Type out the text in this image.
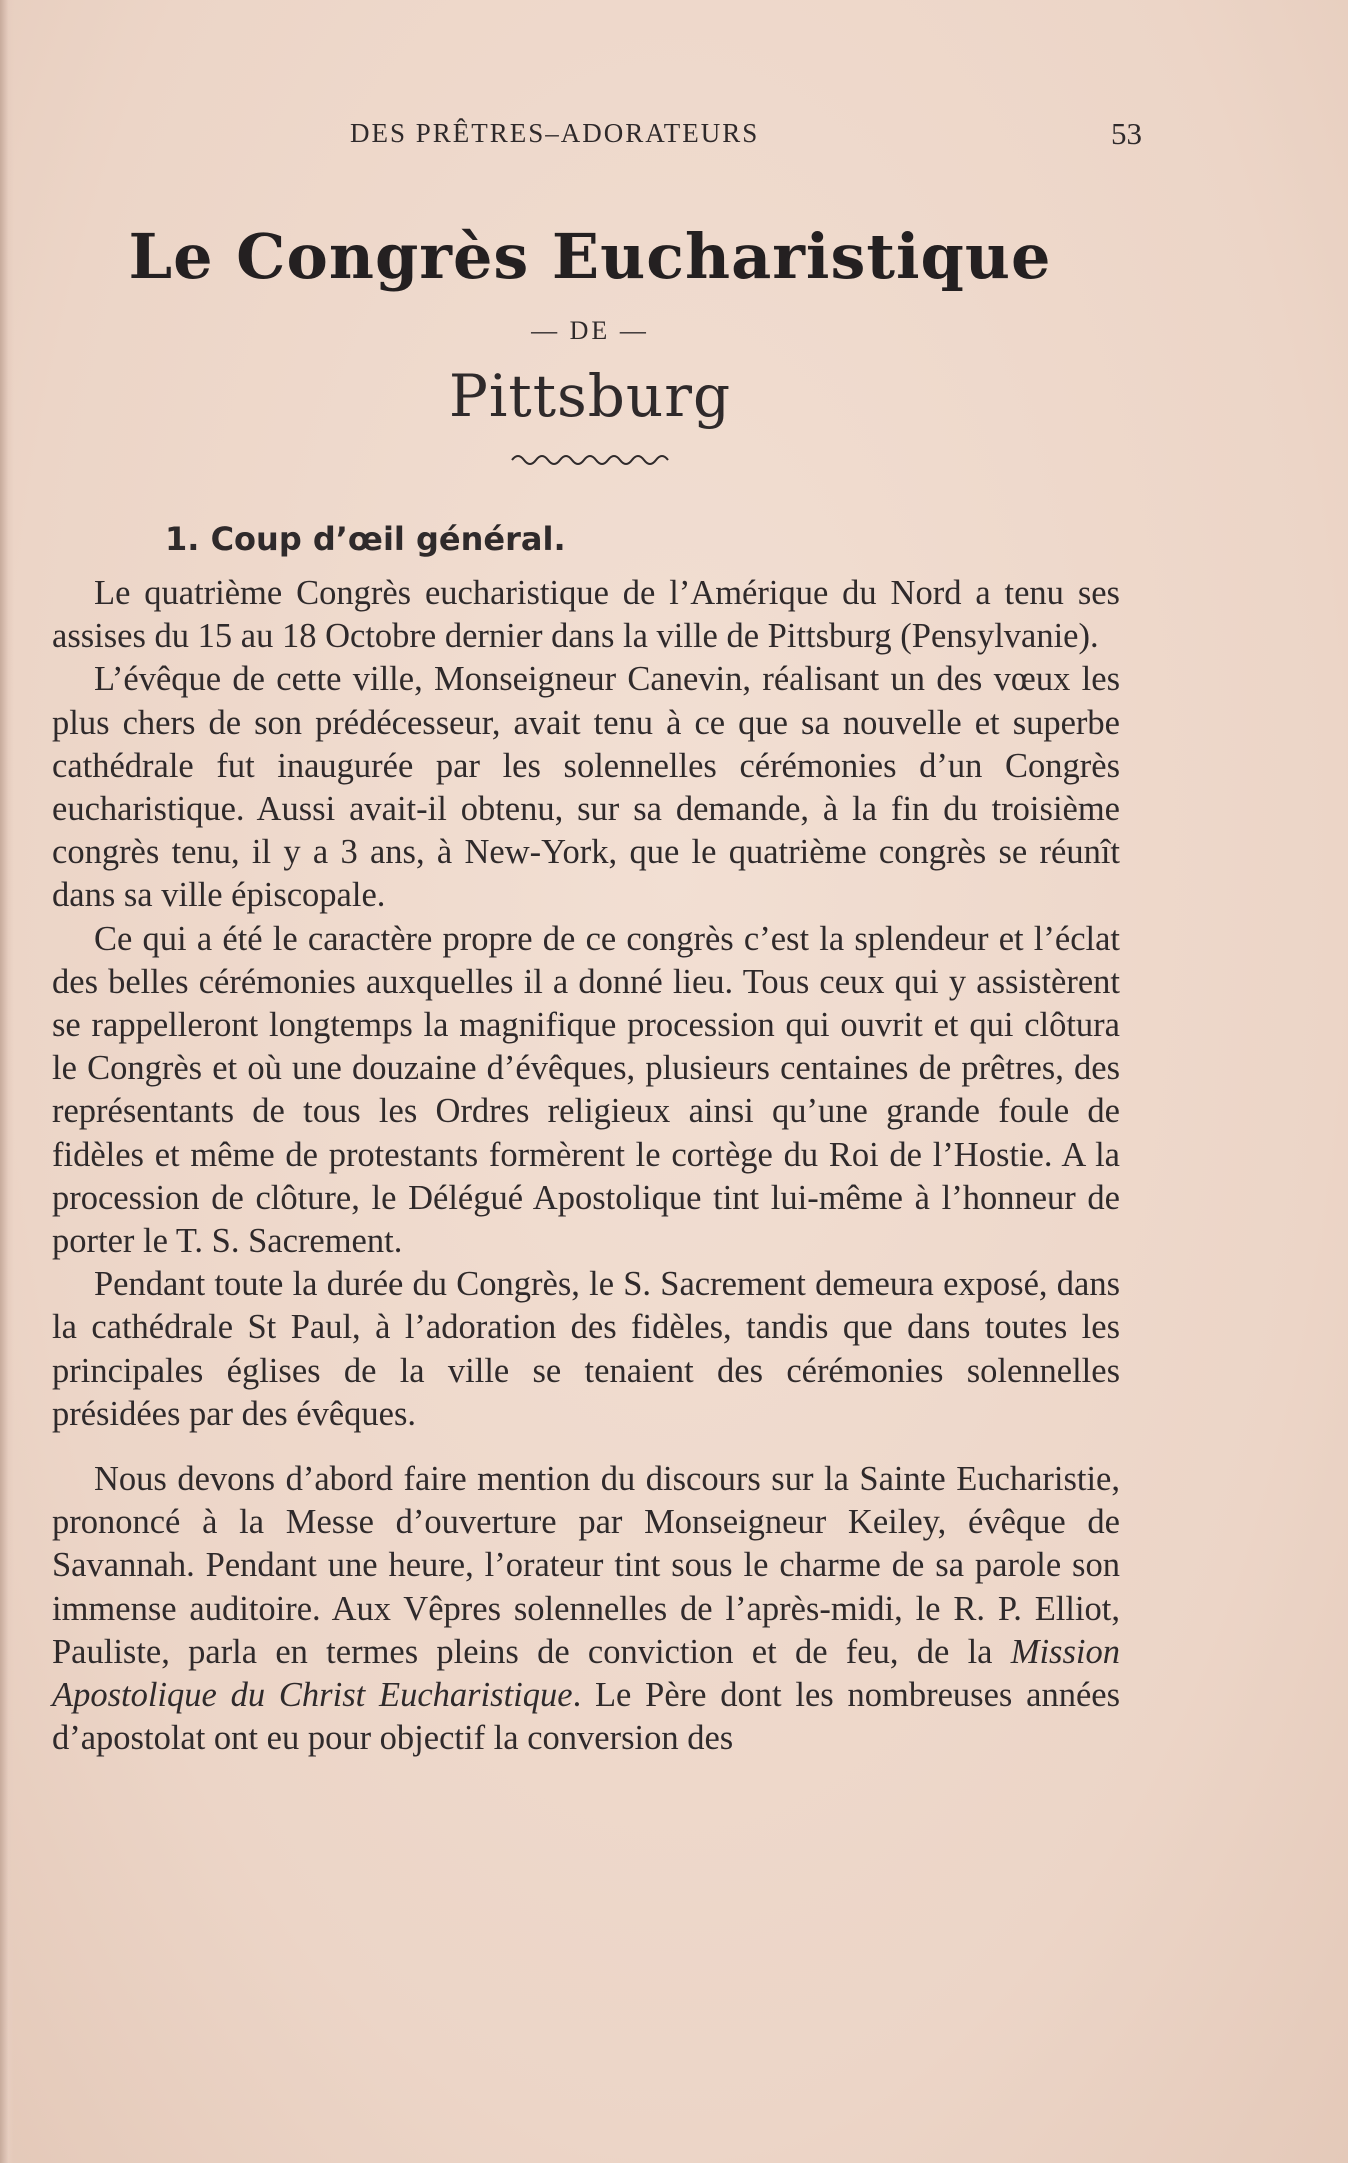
DES PRÊTRES–ADORATEURS	53
Le Congrès Eucharistique
— DE —
Pittsburg
1. Coup d’œil général.

Le quatrième Congrès eucharistique de l’Amérique du Nord a tenu ses assises du 15 au 18 Octobre dernier dans la ville de Pittsburg (Pensylvanie).

L’évêque de cette ville, Monseigneur Canevin, réalisant un des vœux les plus chers de son prédécesseur, avait tenu à ce que sa nouvelle et superbe cathédrale fut inaugurée par les solennelles cérémonies d’un Congrès eucharistique. Aussi avait-il obtenu, sur sa demande, à la fin du troisième congrès tenu, il y a 3 ans, à New-York, que le quatrième congrès se réunît dans sa ville épiscopale.

Ce qui a été le caractère propre de ce congrès c’est la splendeur et l’éclat des belles cérémonies auxquelles il a donné lieu. Tous ceux qui y assistèrent se rappelleront longtemps la magnifique procession qui ouvrit et qui clôtura le Congrès et où une douzaine d’évêques, plusieurs centaines de prêtres, des représentants de tous les Ordres religieux ainsi qu’une grande foule de fidèles et même de protestants formèrent le cortège du Roi de l’Hostie. A la procession de clôture, le Délégué Apostolique tint lui-même à l’honneur de porter le T. S. Sacrement.

Pendant toute la durée du Congrès, le S. Sacrement demeura exposé, dans la cathédrale St Paul, à l’adoration des fidèles, tandis que dans toutes les principales églises de la ville se tenaient des cérémonies solennelles présidées par des évêques.

Nous devons d’abord faire mention du discours sur la Sainte Eucharistie, prononcé à la Messe d’ouverture par Monseigneur Keiley, évêque de Savannah. Pendant une heure, l’orateur tint sous le charme de sa parole son immense auditoire. Aux Vêpres solennelles de l’après-midi, le R. P. Elliot, Pauliste, parla en termes pleins de conviction et de feu, de la Mission Apostolique du Christ Eucharistique. Le Père dont les nombreuses années d’apostolat ont eu pour objectif la conversion des
